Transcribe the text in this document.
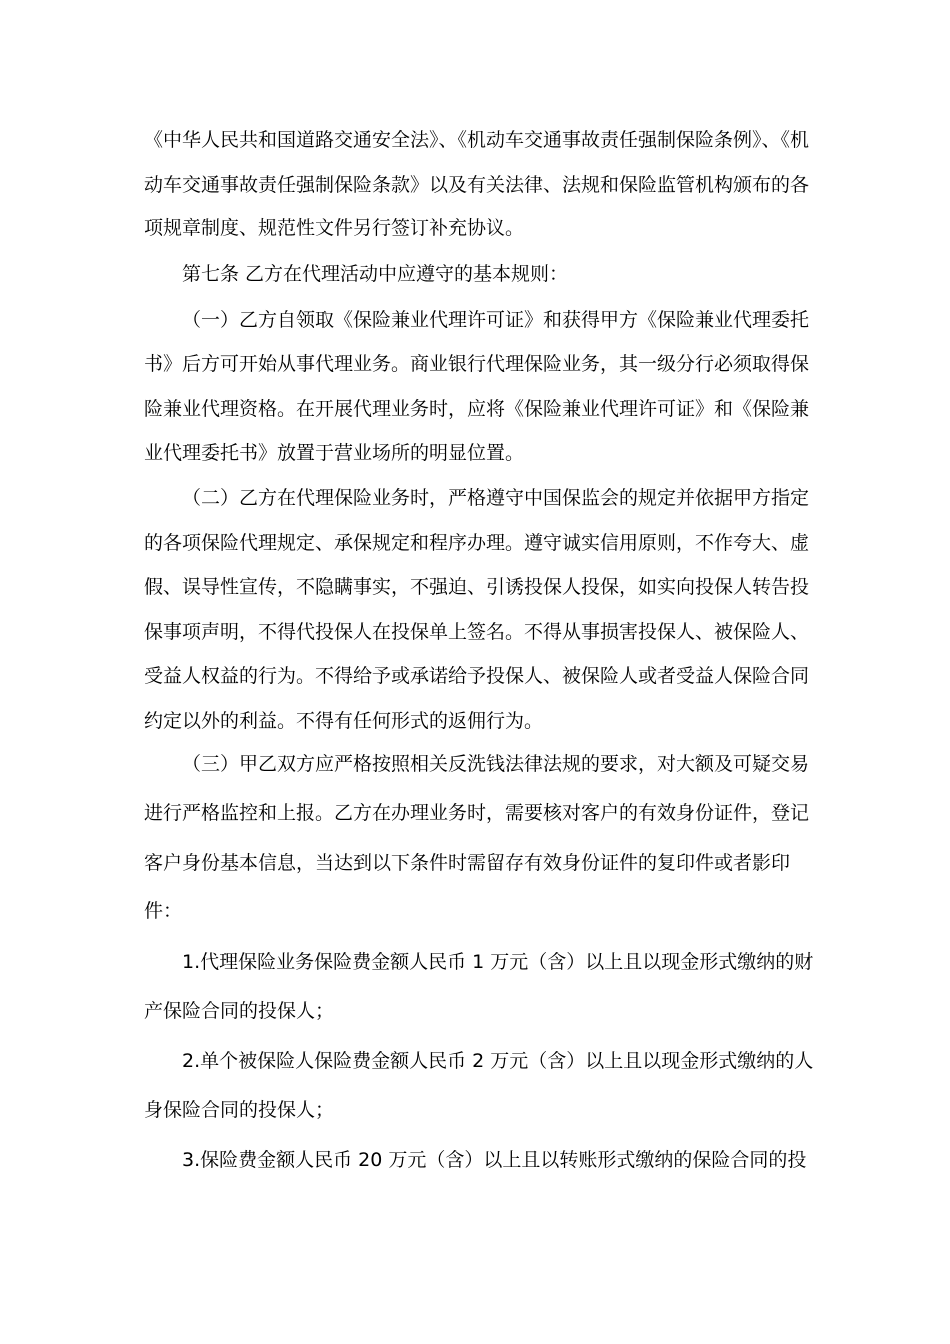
《中华人民共和国道路交通安全法》、《机动车交通事故责任强制保险条例》、《机
动车交通事故责任强制保险条款》以及有关法律、法规和保险监管机构颁布的各
项规章制度、规范性文件另行签订补充协议。
第七条 乙方在代理活动中应遵守的基本规则：
（一）乙方自领取《保险兼业代理许可证》和获得甲方《保险兼业代理委托
书》后方可开始从事代理业务。商业银行代理保险业务，其一级分行必须取得保
险兼业代理资格。在开展代理业务时，应将《保险兼业代理许可证》和《保险兼
业代理委托书》放置于营业场所的明显位置。
（二）乙方在代理保险业务时，严格遵守中国保监会的规定并依据甲方指定
的各项保险代理规定、承保规定和程序办理。遵守诚实信用原则，不作夸大、虚
假、误导性宣传，不隐瞒事实，不强迫、引诱投保人投保，如实向投保人转告投
保事项声明，不得代投保人在投保单上签名。不得从事损害投保人、被保险人、
受益人权益的行为。不得给予或承诺给予投保人、被保险人或者受益人保险合同
约定以外的利益。不得有任何形式的返佣行为。
（三）甲乙双方应严格按照相关反洗钱法律法规的要求，对大额及可疑交易
进行严格监控和上报。乙方在办理业务时，需要核对客户的有效身份证件，登记
客户身份基本信息，当达到以下条件时需留存有效身份证件的复印件或者影印
件：
1.代理保险业务保险费金额人民币 1 万元（含）以上且以现金形式缴纳的财
产保险合同的投保人；
2.单个被保险人保险费金额人民币 2 万元（含）以上且以现金形式缴纳的人
身保险合同的投保人；
3.保险费金额人民币 20 万元（含）以上且以转账形式缴纳的保险合同的投
